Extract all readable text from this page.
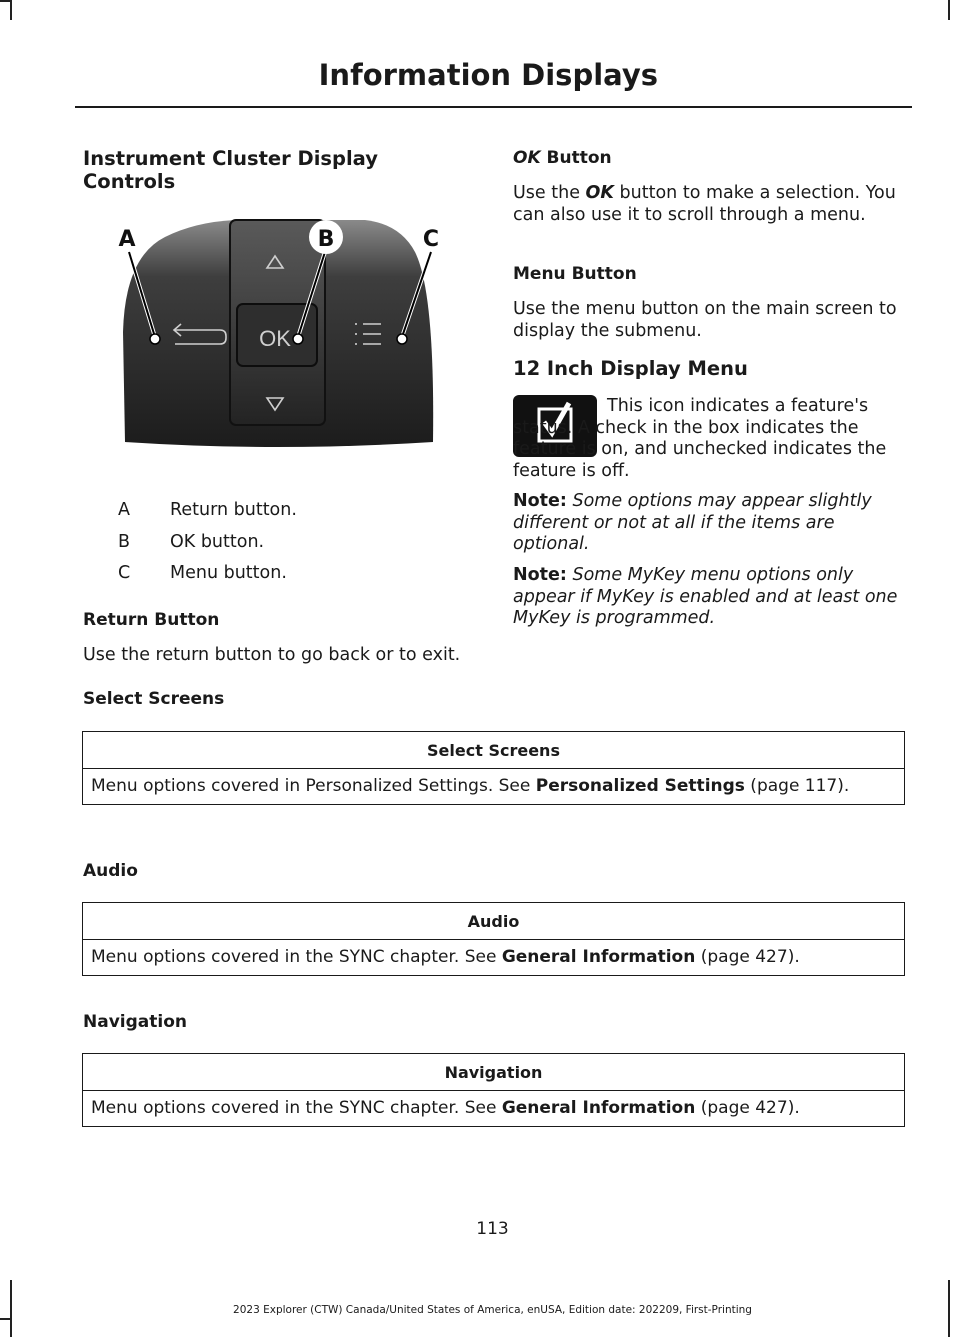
Information Displays
Instrument Cluster Display Controls
OK
A	B	C
A Return button.
B OK button.
C Menu button.
Return Button
Use the return button to go back or to exit.
OK Button
Use the OK button to make a selection. You can also use it to scroll through a menu.
Menu Button
Use the menu button on the main screen to display the submenu.
12 Inch Display Menu
This icon indicates a feature's status. A check in the box indicates the feature is on, and unchecked indicates the feature is off.
Note: Some options may appear slightly different or not at all if the items are optional.
Note: Some MyKey menu options only appear if MyKey is enabled and at least one MyKey is programmed.
Select Screens
Select Screens
Menu options covered in Personalized Settings. See Personalized Settings (page 117).
Audio
Audio
Menu options covered in the SYNC chapter. See General Information (page 427).
Navigation
Navigation
Menu options covered in the SYNC chapter. See General Information (page 427).
113
2023 Explorer (CTW) Canada/United States of America, enUSA, Edition date: 202209, First-Printing
